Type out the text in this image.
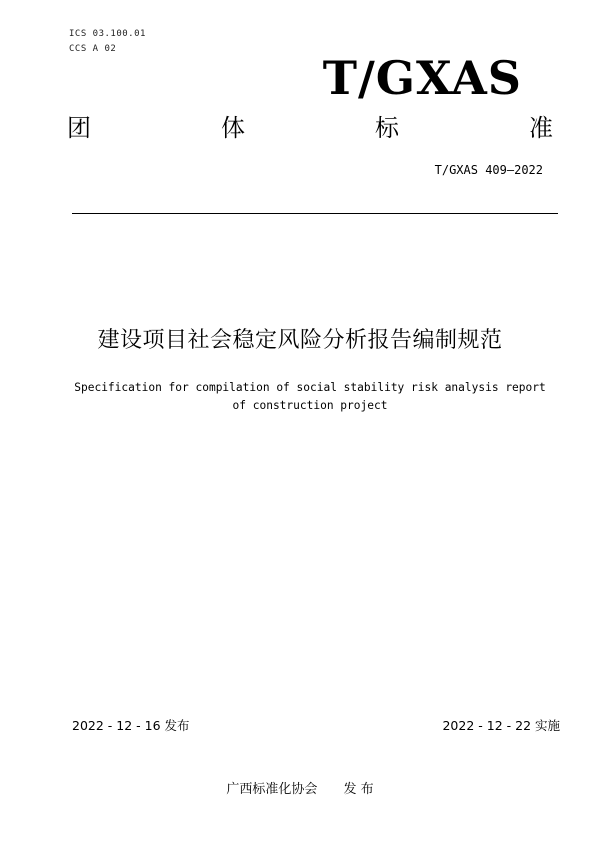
ICS 03.100.01
CCS A 02
T/GXAS
团	体	标	准
T/GXAS 409—2022
建设项目社会稳定风险分析报告编制规范
Specification for compilation of social stability risk analysis report
of construction project
2022 - 12 - 16 发布	2022 - 12 - 22 实施
广西标准化协会 发 布
